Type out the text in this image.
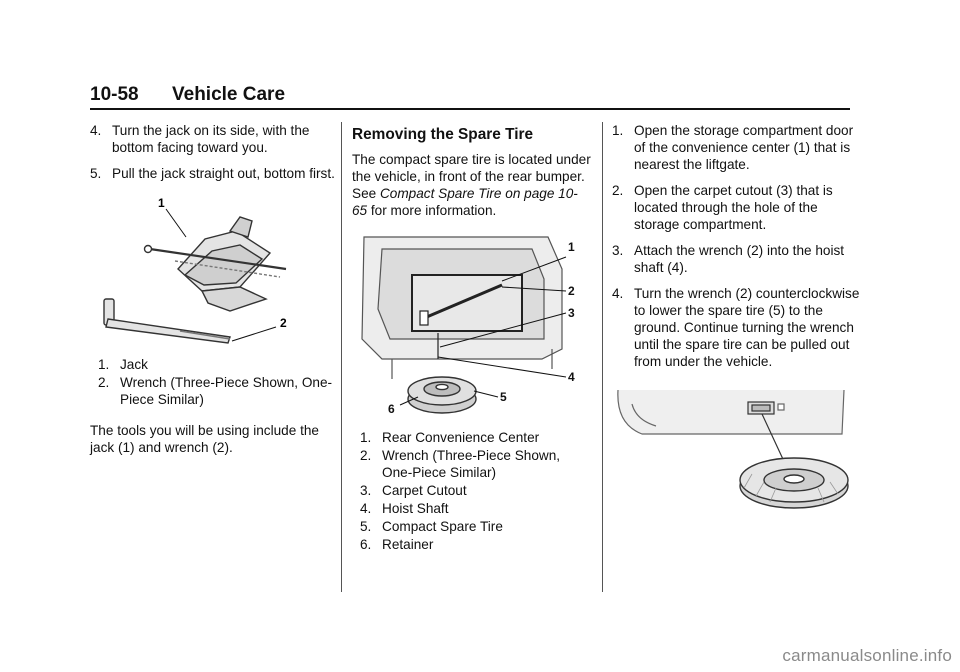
10-58 Vehicle Care
4. Turn the jack on its side, with the bottom facing toward you.
5. Pull the jack straight out, bottom first.
1
2
1. Jack
2. Wrench (Three-Piece Shown, One-Piece Similar)
The tools you will be using include the jack (1) and wrench (2).
Removing the Spare Tire
The compact spare tire is located under the vehicle, in front of the rear bumper. See Compact Spare Tire on page 10-65 for more information.
1
2
3
4
5
6
1. Rear Convenience Center
2. Wrench (Three-Piece Shown, One-Piece Similar)
3. Carpet Cutout
4. Hoist Shaft
5. Compact Spare Tire
6. Retainer
1. Open the storage compartment door of the convenience center (1) that is nearest the liftgate.
2. Open the carpet cutout (3) that is located through the hole of the storage compartment.
3. Attach the wrench (2) into the hoist shaft (4).
4. Turn the wrench (2) counterclockwise to lower the spare tire (5) to the ground. Continue turning the wrench until the spare tire can be pulled out from under the vehicle.
carmanualsonline.info
